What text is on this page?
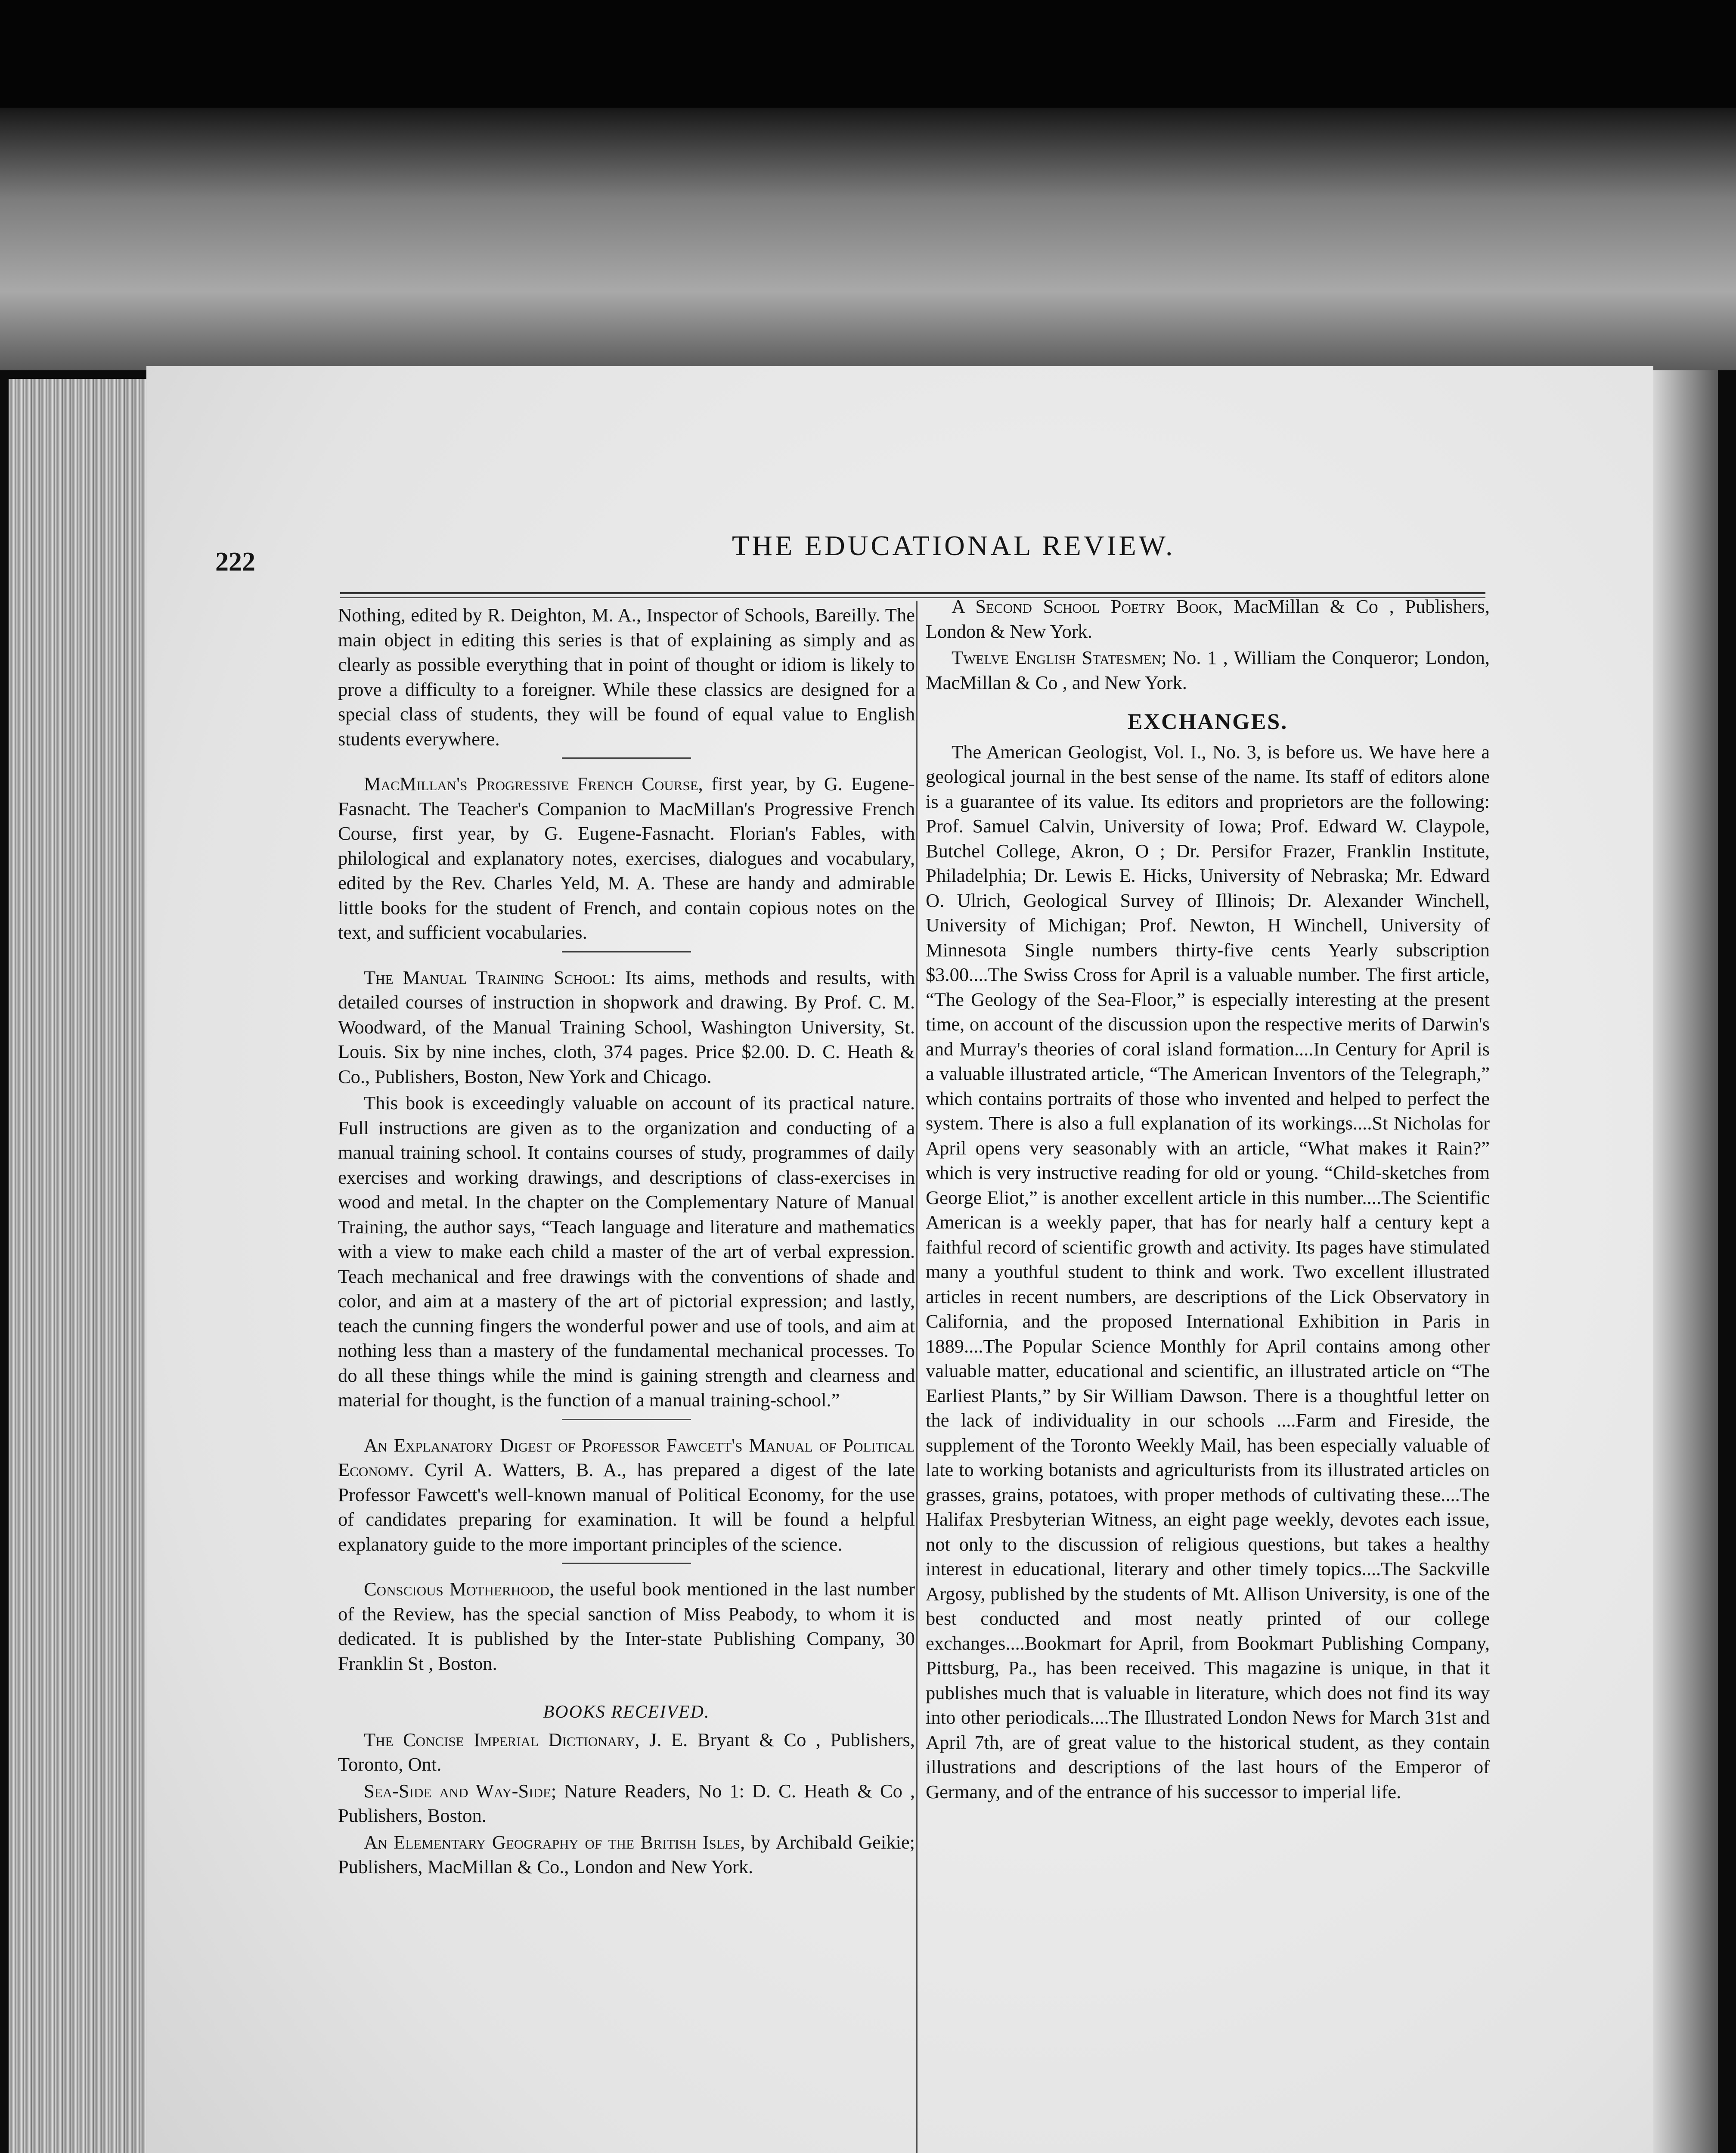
222
THE EDUCATIONAL REVIEW.

Nothing, edited by R. Deighton, M. A., Inspector of Schools, Bareilly. The main object in editing this series is that of explaining as simply and as clearly as possible everything that in point of thought or idiom is likely to prove a difficulty to a foreigner. While these classics are designed for a special class of students, they will be found of equal value to English students everywhere.

MacMillan's Progressive French Course, first year, by G. Eugene-Fasnacht. The Teacher's Companion to MacMillan's Progressive French Course, first year, by G. Eugene-Fasnacht. Florian's Fables, with philological and explanatory notes, exercises, dialogues and vocabulary, edited by the Rev. Charles Yeld, M. A. These are handy and admirable little books for the student of French, and contain copious notes on the text, and sufficient vocabularies.

The Manual Training School: Its aims, methods and results, with detailed courses of instruction in shopwork and drawing. By Prof. C. M. Woodward, of the Manual Training School, Washington University, St. Louis. Six by nine inches, cloth, 374 pages. Price $2.00. D. C. Heath & Co., Publishers, Boston, New York and Chicago.

This book is exceedingly valuable on account of its practical nature. Full instructions are given as to the organization and conducting of a manual training school. It contains courses of study, programmes of daily exercises and working drawings, and descriptions of class-exercises in wood and metal. In the chapter on the Complementary Nature of Manual Training, the author says, “Teach language and literature and mathematics with a view to make each child a master of the art of verbal expression. Teach mechanical and free drawings with the conventions of shade and color, and aim at a mastery of the art of pictorial expression; and lastly, teach the cunning fingers the wonderful power and use of tools, and aim at nothing less than a mastery of the fundamental mechanical processes. To do all these things while the mind is gaining strength and clearness and material for thought, is the function of a manual training-school.”

An Explanatory Digest of Professor Fawcett's Manual of Political Economy. Cyril A. Watters, B. A., has prepared a digest of the late Professor Fawcett's well-known manual of Political Economy, for the use of candidates preparing for examination. It will be found a helpful explanatory guide to the more important principles of the science.

Conscious Motherhood, the useful book mentioned in the last number of the Review, has the special sanction of Miss Peabody, to whom it is dedicated. It is published by the Inter-state Publishing Company, 30 Franklin St , Boston.

BOOKS RECEIVED.

The Concise Imperial Dictionary, J. E. Bryant & Co , Publishers, Toronto, Ont.

Sea-Side and Way-Side; Nature Readers, No 1: D. C. Heath & Co , Publishers, Boston.

An Elementary Geography of the British Isles, by Archibald Geikie; Publishers, MacMillan & Co., London and New York.

A Second School Poetry Book, MacMillan & Co , Publishers, London & New York.

Twelve English Statesmen; No. 1 , William the Conqueror; London, MacMillan & Co , and New York.

EXCHANGES.

The American Geologist, Vol. I., No. 3, is before us. We have here a geological journal in the best sense of the name. Its staff of editors alone is a guarantee of its value. Its editors and proprietors are the following: Prof. Samuel Calvin, University of Iowa; Prof. Edward W. Claypole, Butchel College, Akron, O ; Dr. Persifor Frazer, Franklin Institute, Philadelphia; Dr. Lewis E. Hicks, University of Nebraska; Mr. Edward O. Ulrich, Geological Survey of Illinois; Dr. Alexander Winchell, University of Michigan; Prof. Newton, H Winchell, University of Minnesota Single numbers thirty-five cents Yearly subscription $3.00....The Swiss Cross for April is a valuable number. The first article, “The Geology of the Sea-Floor,” is especially interesting at the present time, on account of the discussion upon the respective merits of Darwin's and Murray's theories of coral island formation....In Century for April is a valuable illustrated article, “The American Inventors of the Telegraph,” which contains portraits of those who invented and helped to perfect the system. There is also a full explanation of its workings....St Nicholas for April opens very seasonably with an article, “What makes it Rain?” which is very instructive reading for old or young. “Child-sketches from George Eliot,” is another excellent article in this number....The Scientific American is a weekly paper, that has for nearly half a century kept a faithful record of scientific growth and activity. Its pages have stimulated many a youthful student to think and work. Two excellent illustrated articles in recent numbers, are descriptions of the Lick Observatory in California, and the proposed International Exhibition in Paris in 1889....The Popular Science Monthly for April contains among other valuable matter, educational and scientific, an illustrated article on “The Earliest Plants,” by Sir William Dawson. There is a thoughtful letter on the lack of individuality in our schools ....Farm and Fireside, the supplement of the Toronto Weekly Mail, has been especially valuable of late to working botanists and agriculturists from its illustrated articles on grasses, grains, potatoes, with proper methods of cultivating these....The Halifax Presbyterian Witness, an eight page weekly, devotes each issue, not only to the discussion of religious questions, but takes a healthy interest in educational, literary and other timely topics....The Sackville Argosy, published by the students of Mt. Allison University, is one of the best conducted and most neatly printed of our college exchanges....Bookmart for April, from Bookmart Publishing Company, Pittsburg, Pa., has been received. This magazine is unique, in that it publishes much that is valuable in literature, which does not find its way into other periodicals....The Illustrated London News for March 31st and April 7th, are of great value to the historical student, as they contain illustrations and descriptions of the last hours of the Emperor of Germany, and of the entrance of his successor to imperial life.
